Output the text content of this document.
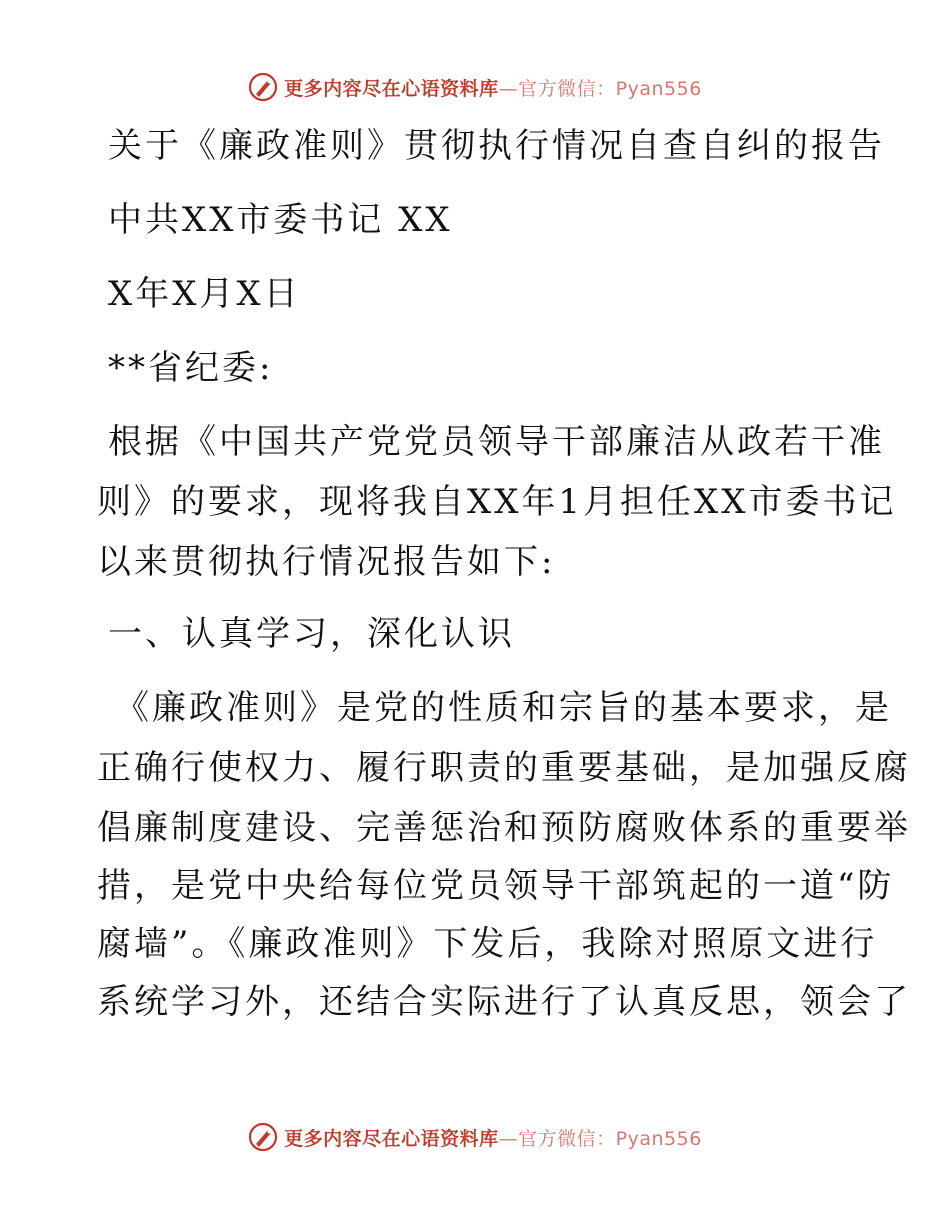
更多内容尽在心语资料库—官方微信：Pyan556
关于《廉政准则》贯彻执行情况自查自纠的报告
中共XX市委书记 XX
X年X月X日
**省纪委:
根据《中国共产党党员领导干部廉洁从政若干准
则》的要求，现将我自XX年1月担任XX市委书记
以来贯彻执行情况报告如下:
一、认真学习，深化认识
《廉政准则》是党的性质和宗旨的基本要求，是
正确行使权力、履行职责的重要基础，是加强反腐
倡廉制度建设、完善惩治和预防腐败体系的重要举
措，是党中央给每位党员领导干部筑起的一道“防
腐墙”。《廉政准则》下发后，我除对照原文进行
系统学习外，还结合实际进行了认真反思，领会了
更多内容尽在心语资料库—官方微信：Pyan556
